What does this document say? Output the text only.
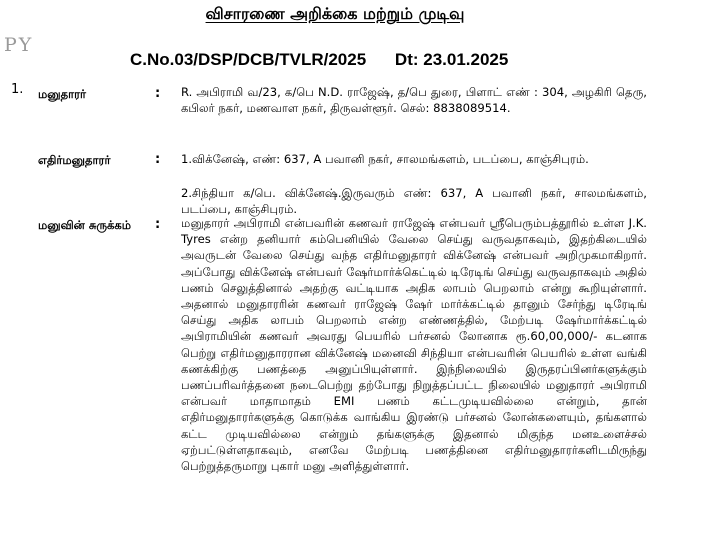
PY
விசாரணை அறிக்கை மற்றும் முடிவு
C.No.03/DSP/DCB/TVLR/2025 Dt: 23.01.2025
1. மனுதாரர்	: R. அபிராமி வ/23, க/பெ N.D. ராஜேஷ், த/பெ துரை, பிளாட் எண் : 304, அழகிரி தெரு, கபிலர் நகர், மணவாள நகர், திருவள்ளூர். செல்: 8838089514.
எதிர்மனுதாரர்	: 1.விக்னேஷ், எண்: 637, A பவானி நகர், சாலமங்களம், படப்பை, காஞ்சிபுரம்.
2.சிந்தியா க/பெ. விக்னேஷ்.இருவரும் எண்: 637, A பவானி நகர், சாலமங்களம், படப்பை, காஞ்சிபுரம்.
மனுவின் சுருக்கம்	: மனுதாரர் அபிராமி என்பவரின் கணவர் ராஜேஷ் என்பவர் ஸ்ரீபெரும்பத்தூரில் உள்ள J.K. Tyres என்ற தனியார் கம்பெனியில் வேலை செய்து வருவதாகவும், இதற்கிடையில் அவருடன் வேலை செய்து வந்த எதிர்மனுதாரர் விக்னேஷ் என்பவர் அறிமுகமாகிறார். அப்போது விக்னேஷ் என்பவர் ஷேர்மார்க்கெட்டில் டிரேடிங் செய்து வருவதாகவும் அதில் பணம் செலுத்தினால் அதற்கு வட்டியாக அதிக லாபம் பெறலாம் என்று கூறியுள்ளார். அதனால் மனுதாரரின் கணவர் ராஜேஷ் ஷேர் மார்க்கட்டில் தானும் சேர்ந்து டிரேடிங் செய்து அதிக லாபம் பெறலாம் என்ற எண்ணத்தில், மேற்படி ஷேர்மார்க்கட்டில் அபிராமியின் கணவர் அவரது பெயரில் பர்சனல் லோனாக ரூ.60,00,000/- கடனாக பெற்று எதிர்மனுதாரரான விக்னேஷ் மனைவி சிந்தியா என்பவரின் பெயரில் உள்ள வங்கி கணக்கிற்கு பணத்தை அனுப்பியுள்ளார். இந்நிலையில் இருதரப்பினர்களுக்கும் பணப்பரிவர்த்தனை நடைபெற்று தற்போது நிறுத்தப்பட்ட நிலையில் மனுதாரர் அபிராமி என்பவர் மாதாமாதம் EMI பணம் கட்டமுடியவில்லை என்றும், தான் எதிர்மனுதாரர்களுக்கு கொடுக்க வாங்கிய இரண்டு பர்சனல் லோன்களையும், தங்களால் கட்ட முடியவில்லை என்றும் தங்களுக்கு இதனால் மிகுந்த மனஉளைச்சல் ஏற்பட்டுள்ளதாகவும், எனவே மேற்படி பணத்தினை எதிர்மனுதாரர்களிடமிருந்து பெற்றுத்தருமாறு புகார் மனு அளித்துள்ளார்.
